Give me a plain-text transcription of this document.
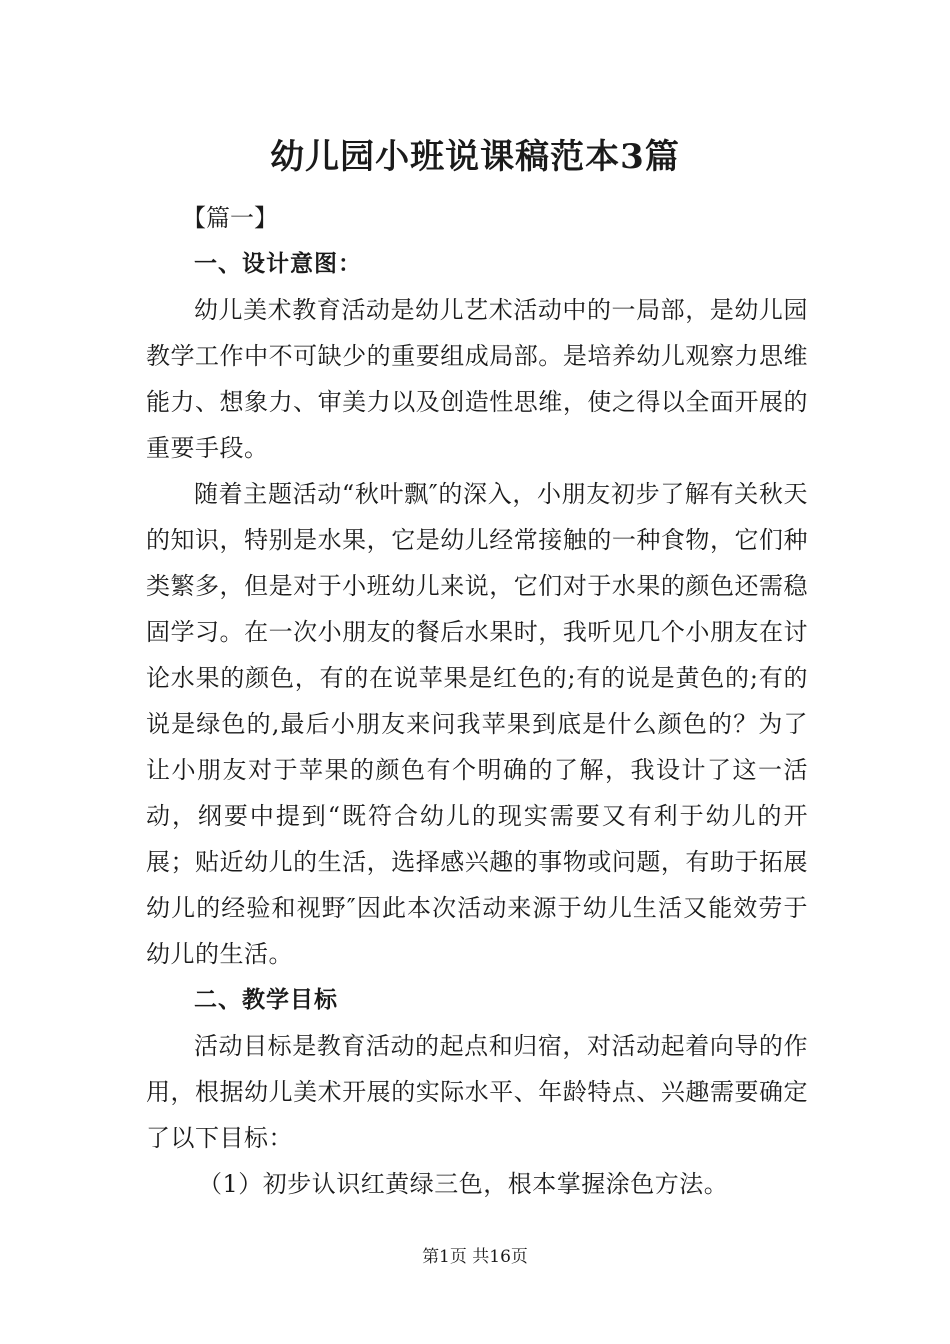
幼儿园小班说课稿范本3篇

【篇一】

一、设计意图：

幼儿美术教育活动是幼儿艺术活动中的一局部，是幼儿园教学工作中不可缺少的重要组成局部。是培养幼儿观察力思维能力、想象力、审美力以及创造性思维，使之得以全面开展的重要手段。

随着主题活动“秋叶飘″的深入，小朋友初步了解有关秋天的知识，特别是水果，它是幼儿经常接触的一种食物，它们种类繁多，但是对于小班幼儿来说，它们对于水果的颜色还需稳固学习。在一次小朋友的餐后水果时，我听见几个小朋友在讨论水果的颜色，有的在说苹果是红色的;有的说是黄色的;有的说是绿色的,最后小朋友来问我苹果到底是什么颜色的？为了让小朋友对于苹果的颜色有个明确的了解，我设计了这一活动，纲要中提到“既符合幼儿的现实需要又有利于幼儿的开展；贴近幼儿的生活，选择感兴趣的事物或问题，有助于拓展幼儿的经验和视野″因此本次活动来源于幼儿生活又能效劳于幼儿的生活。

二、教学目标

活动目标是教育活动的起点和归宿，对活动起着向导的作用，根据幼儿美术开展的实际水平、年龄特点、兴趣需要确定了以下目标：

（1）初步认识红黄绿三色，根本掌握涂色方法。

第1页 共16页
